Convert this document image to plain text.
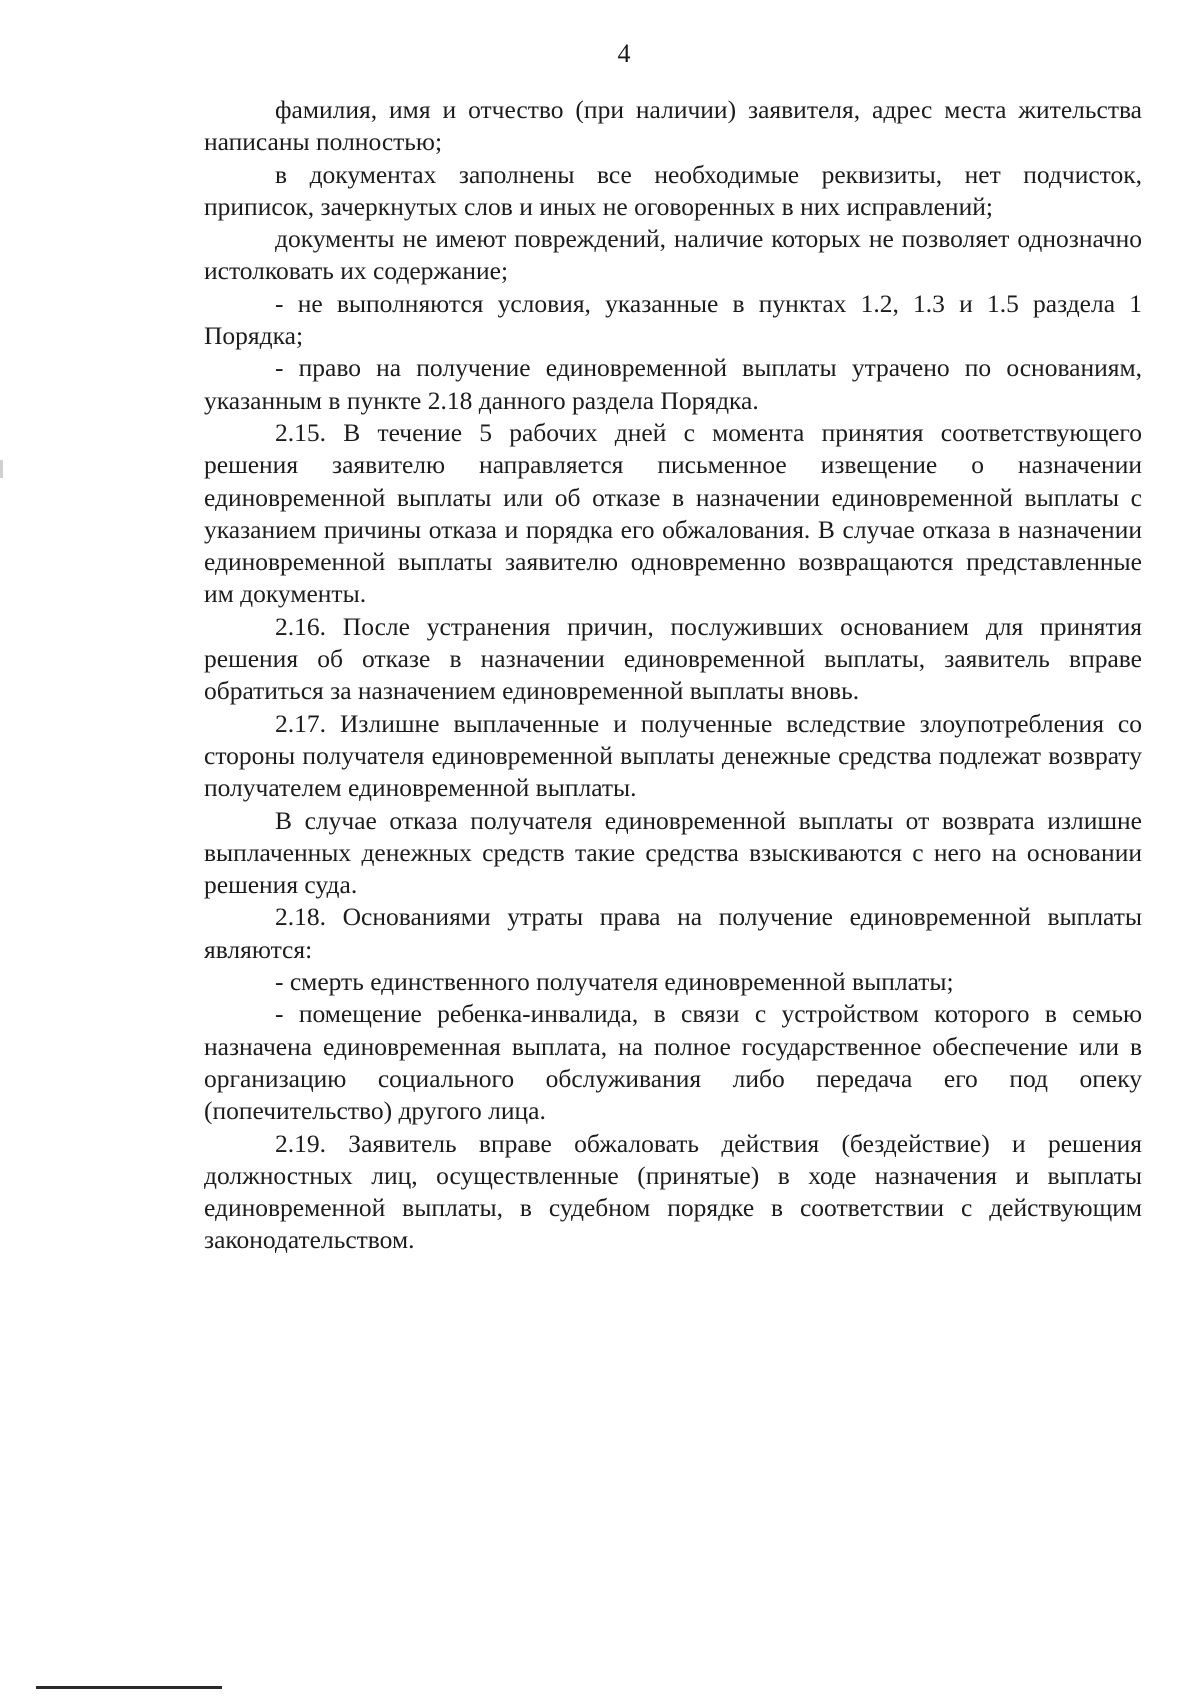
4

фамилия, имя и отчество (при наличии) заявителя, адрес места жительства написаны полностью;

в документах заполнены все необходимые реквизиты, нет подчисток, приписок, зачеркнутых слов и иных не оговоренных в них исправлений;

документы не имеют повреждений, наличие которых не позволяет однозначно истолковать их содержание;

- не выполняются условия, указанные в пунктах 1.2, 1.3 и 1.5 раздела 1 Порядка;

- право на получение единовременной выплаты утрачено по основаниям, указанным в пункте 2.18 данного раздела Порядка.

2.15. В течение 5 рабочих дней с момента принятия соответствующего решения заявителю направляется письменное извещение о назначении единовременной выплаты или об отказе в назначении единовременной выплаты с указанием причины отказа и порядка его обжалования. В случае отказа в назначении единовременной выплаты заявителю одновременно возвращаются представленные им документы.

2.16. После устранения причин, послуживших основанием для принятия решения об отказе в назначении единовременной выплаты, заявитель вправе обратиться за назначением единовременной выплаты вновь.

2.17. Излишне выплаченные и полученные вследствие злоупотребления со стороны получателя единовременной выплаты денежные средства подлежат возврату получателем единовременной выплаты.

В случае отказа получателя единовременной выплаты от возврата излишне выплаченных денежных средств такие средства взыскиваются с него на основании решения суда.

2.18. Основаниями утраты права на получение единовременной выплаты являются:

- смерть единственного получателя единовременной выплаты;

- помещение ребенка-инвалида, в связи с устройством которого в семью назначена единовременная выплата, на полное государственное обеспечение или в организацию социального обслуживания либо передача его под опеку (попечительство) другого лица.

2.19. Заявитель вправе обжаловать действия (бездействие) и решения должностных лиц, осуществленные (принятые) в ходе назначения и выплаты единовременной выплаты, в судебном порядке в соответствии с действующим законодательством.
